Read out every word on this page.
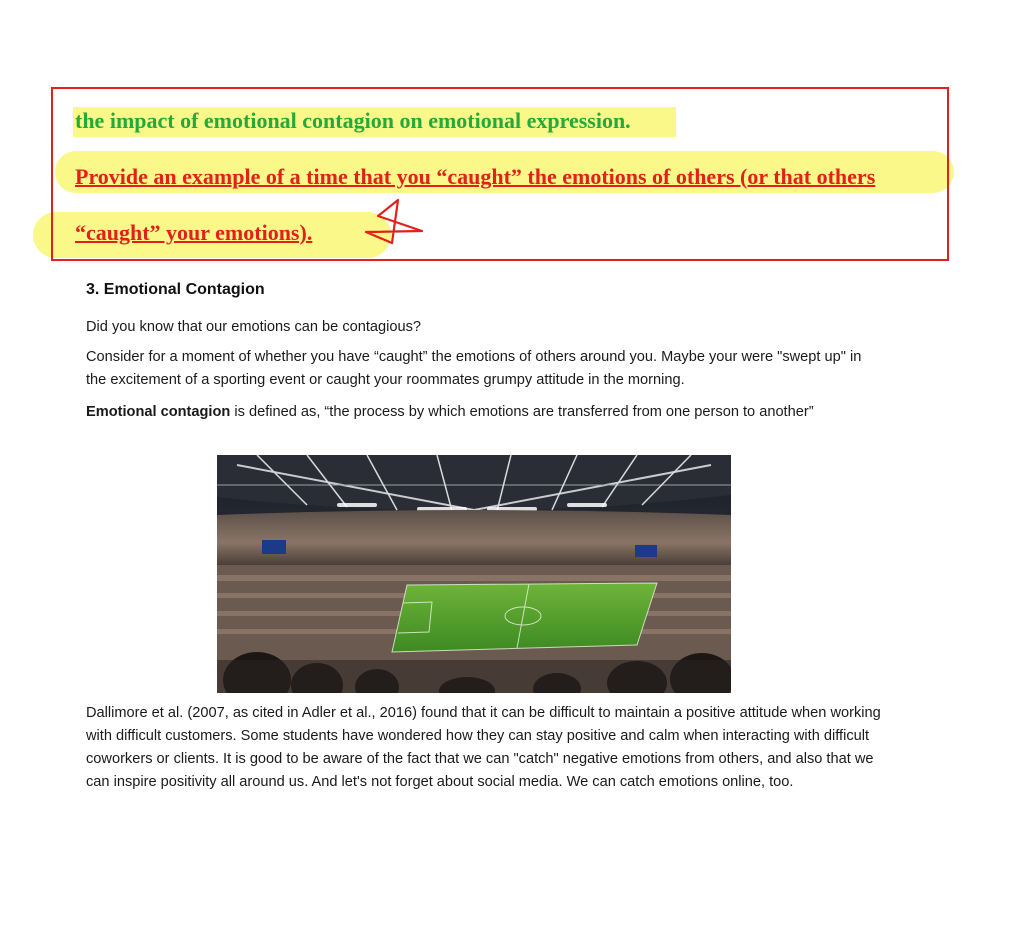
the impact of emotional contagion on emotional expression.
Provide an example of a time that you “caught” the emotions of others (or that others
“caught” your emotions).
3. Emotional Contagion
Did you know that our emotions can be contagious?
Consider for a moment of whether you have “caught” the emotions of others around you. Maybe your were "swept up" in the excitement of a sporting event or caught your roommates grumpy attitude in the morning.
Emotional contagion is defined as, “the process by which emotions are transferred from one person to another”
Dallimore et al. (2007, as cited in Adler et al., 2016) found that it can be difficult to maintain a positive attitude when working with difficult customers. Some students have wondered how they can stay positive and calm when interacting with difficult coworkers or clients. It is good to be aware of the fact that we can "catch" negative emotions from others, and also that we can inspire positivity all around us. And let's not forget about social media. We can catch emotions online, too.
